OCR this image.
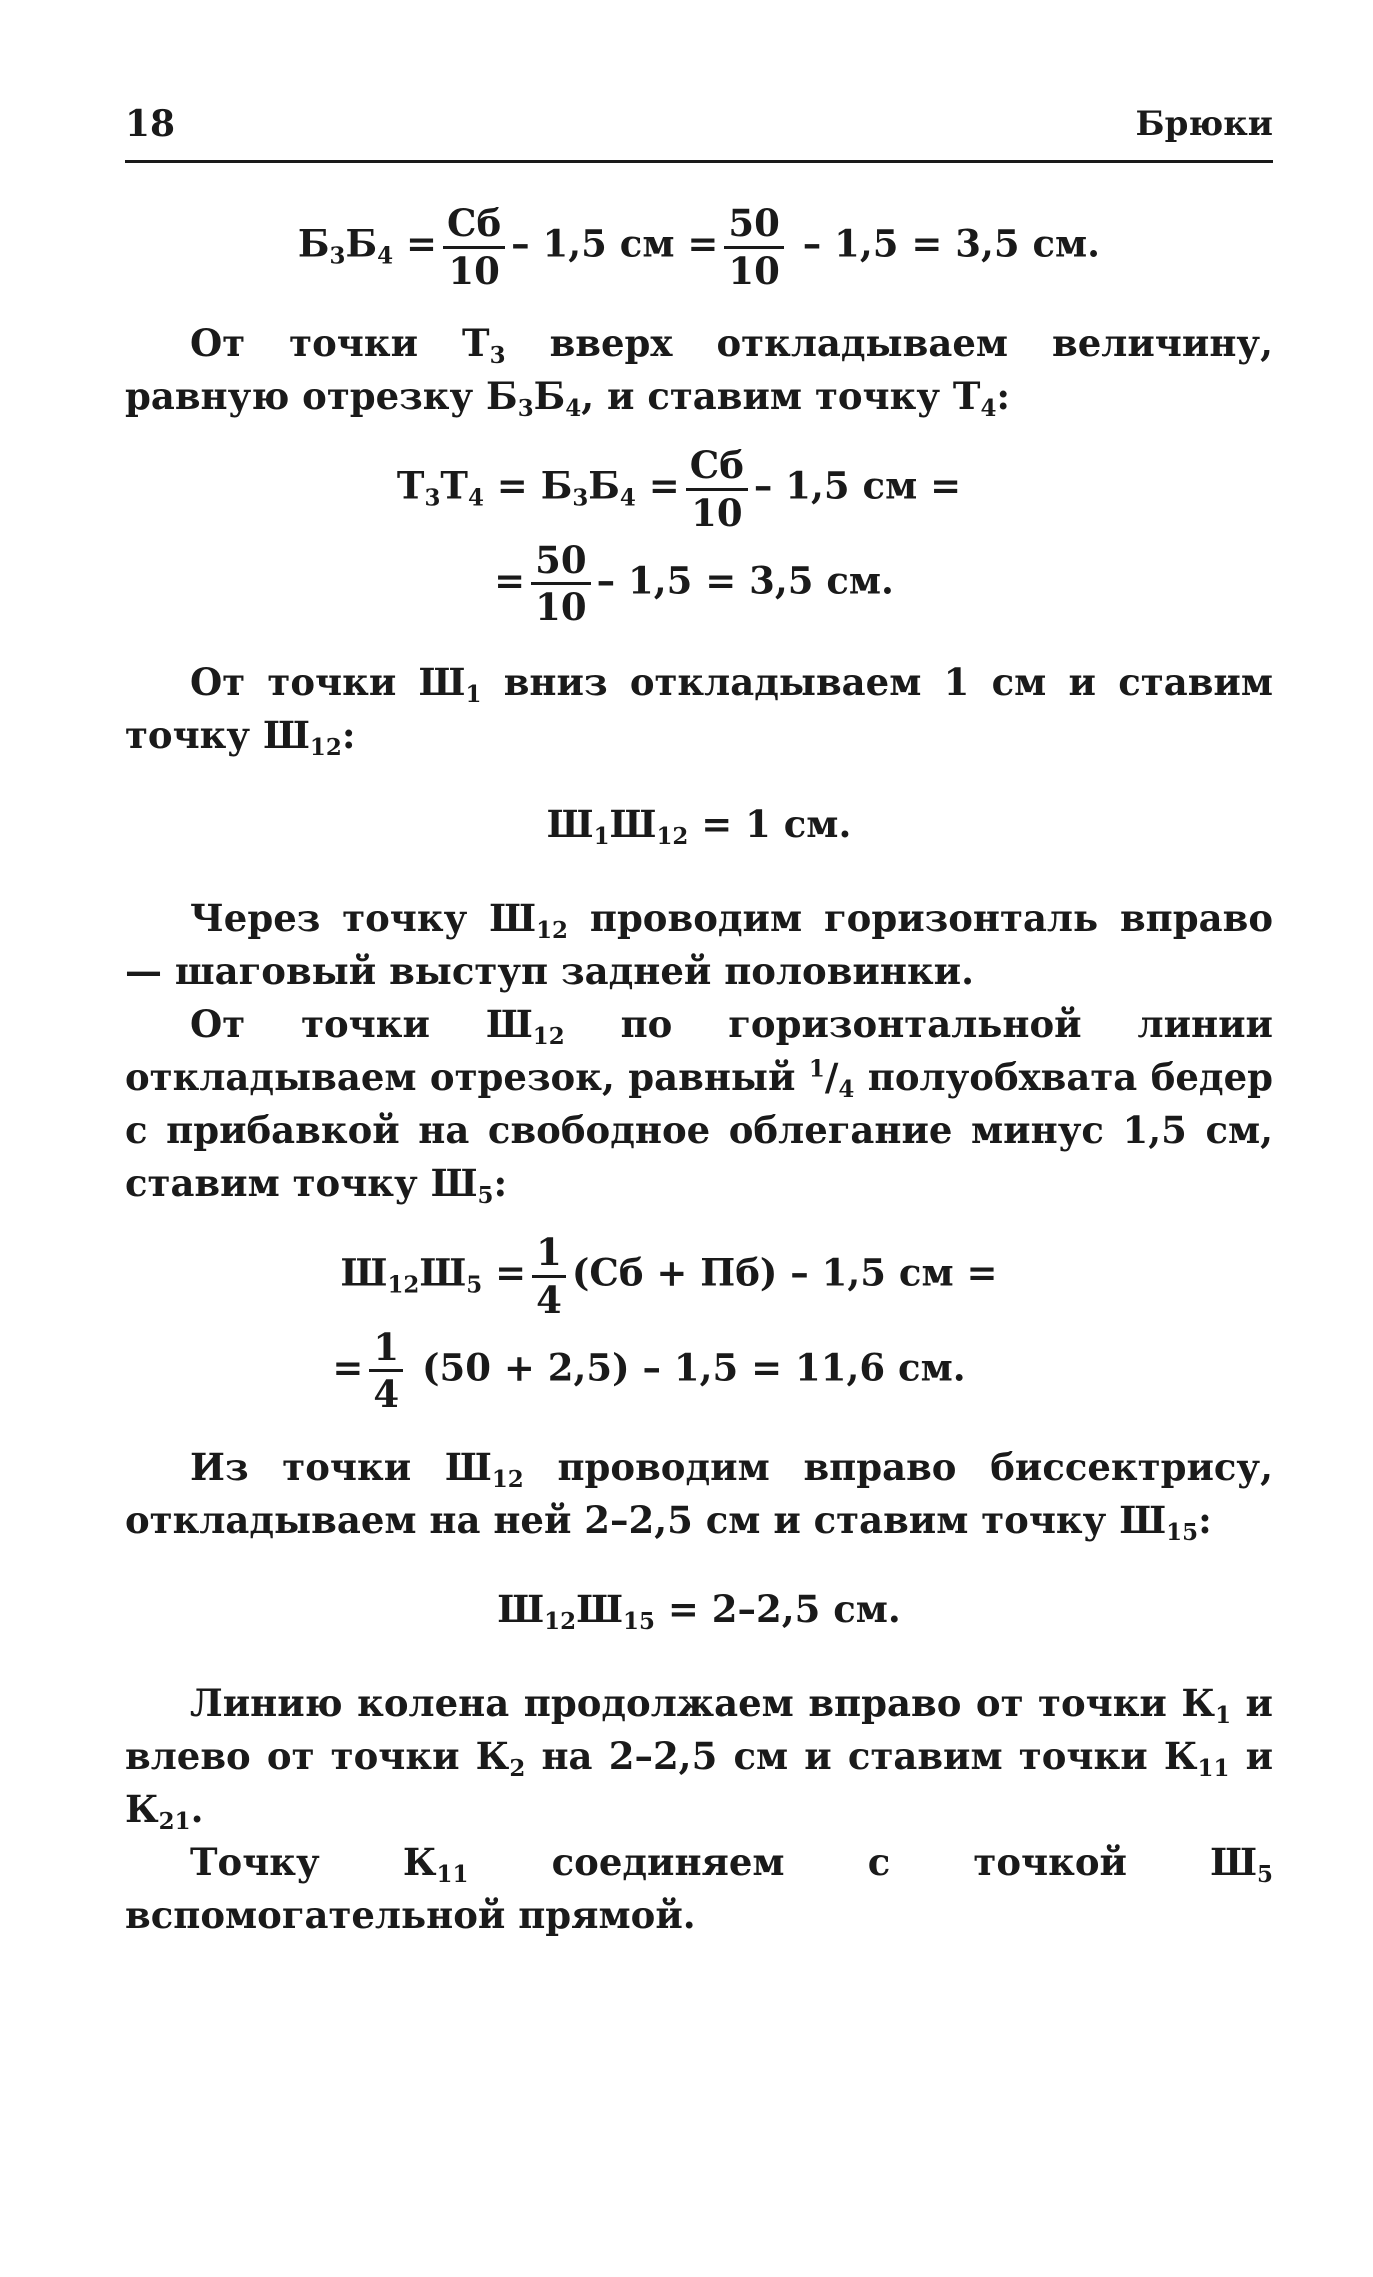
18	Брюки
$Б_3Б_4 = \frac{Сб}{10} - 1,5$ см = $\frac{50}{10} - 1,5 = 3,5$ см.

От точки $Т_3$ вверх откладываем величину, равную отрезку $Б_3Б_4$, и ставим точку $Т_4$:

$Т_3Т_4 = Б_3Б_4 = \frac{Сб}{10} - 1,5$ см =
= $\frac{50}{10} - 1,5 = 3,5$ см.

От точки $Ш_1$ вниз откладываем 1 см и ставим точку $Ш_{12}$:

$Ш_1Ш_{12} = 1$ см.

Через точку $Ш_{12}$ проводим горизонталь вправо — шаговый выступ задней половинки.

От точки $Ш_{12}$ по горизонтальной линии откладываем отрезок, равный $^1/_4$ полуобхвата бедер с прибавкой на свободное облегание минус 1,5 см, ставим точку $Ш_5$:

$Ш_{12}Ш_5 = \frac{1}{4} (Сб + Пб) - 1,5$ см =
= $\frac{1}{4} (50 + 2,5) - 1,5 = 11,6$ см.

Из точки $Ш_{12}$ проводим вправо биссектрису, откладываем на ней 2–2,5 см и ставим точку $Ш_{15}$:

$Ш_{12}Ш_{15} = 2-2,5$ см.

Линию колена продолжаем вправо от точки $К_1$ и влево от точки $К_2$ на 2–2,5 см и ставим точки $К_{11}$ и $К_{21}$.

Точку $К_{11}$ соединяем с точкой $Ш_5$ вспомогательной прямой.
